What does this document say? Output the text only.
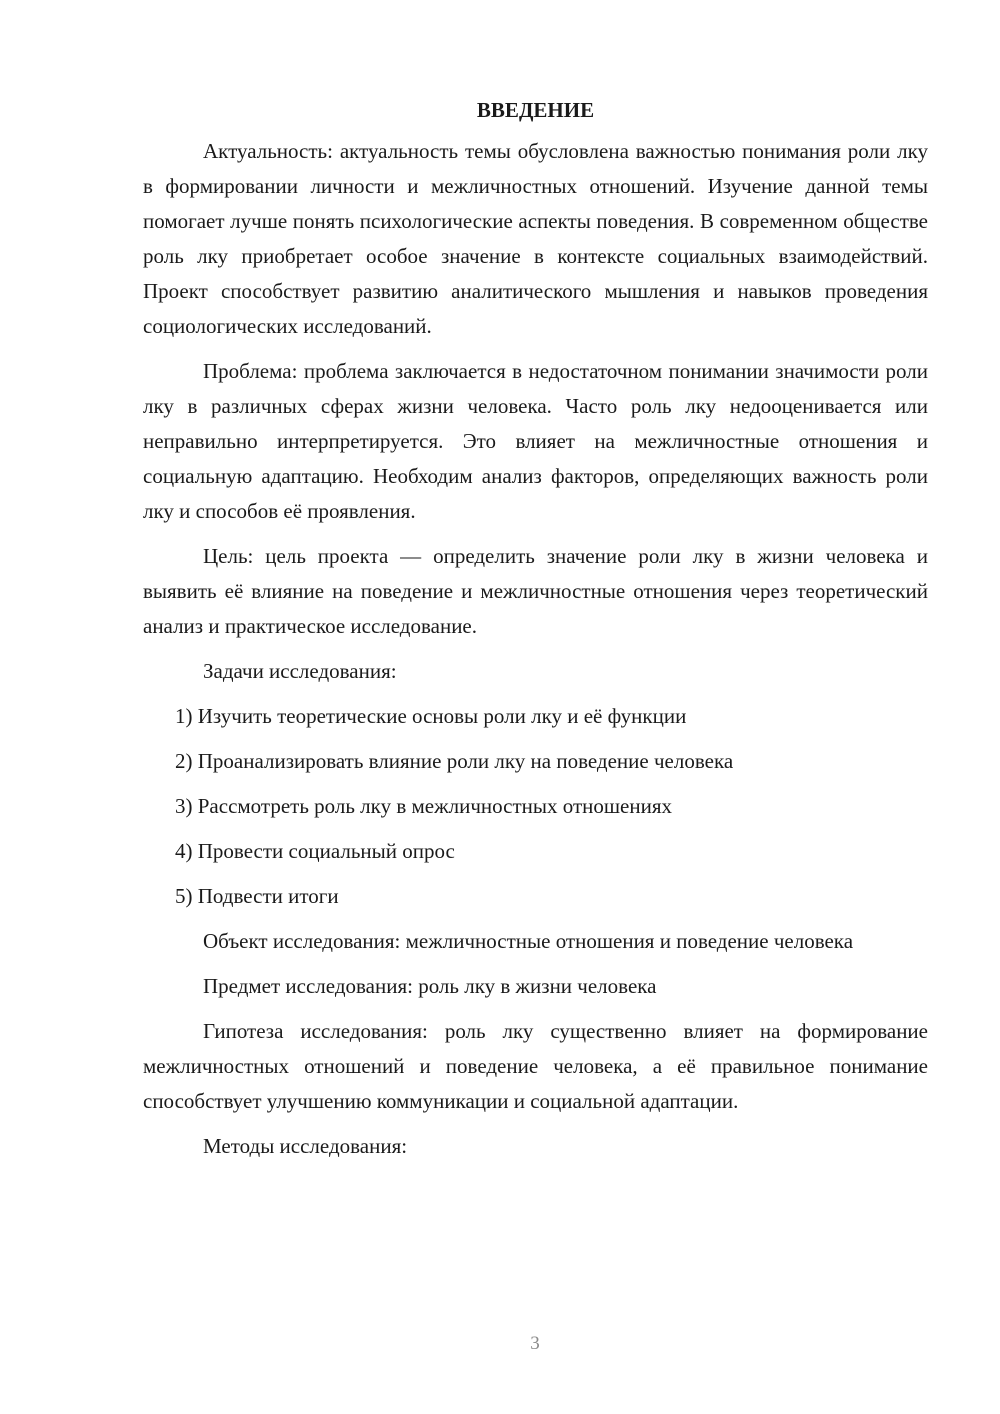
ВВЕДЕНИЕ

Актуальность: актуальность темы обусловлена важностью понимания роли лку в формировании личности и межличностных отношений. Изучение данной темы помогает лучше понять психологические аспекты поведения. В современном обществе роль лку приобретает особое значение в контексте социальных взаимодействий. Проект способствует развитию аналитического мышления и навыков проведения социологических исследований.

Проблема: проблема заключается в недостаточном понимании значимости роли лку в различных сферах жизни человека. Часто роль лку недооценивается или неправильно интерпретируется. Это влияет на межличностные отношения и социальную адаптацию. Необходим анализ факторов, определяющих важность роли лку и способов её проявления.

Цель: цель проекта — определить значение роли лку в жизни человека и выявить её влияние на поведение и межличностные отношения через теоретический анализ и практическое исследование.

Задачи исследования:

1) Изучить теоретические основы роли лку и её функции
2) Проанализировать влияние роли лку на поведение человека
3) Рассмотреть роль лку в межличностных отношениях
4) Провести социальный опрос
5) Подвести итоги

Объект исследования: межличностные отношения и поведение человека

Предмет исследования: роль лку в жизни человека

Гипотеза исследования: роль лку существенно влияет на формирование межличностных отношений и поведение человека, а её правильное понимание способствует улучшению коммуникации и социальной адаптации.

Методы исследования:

3
